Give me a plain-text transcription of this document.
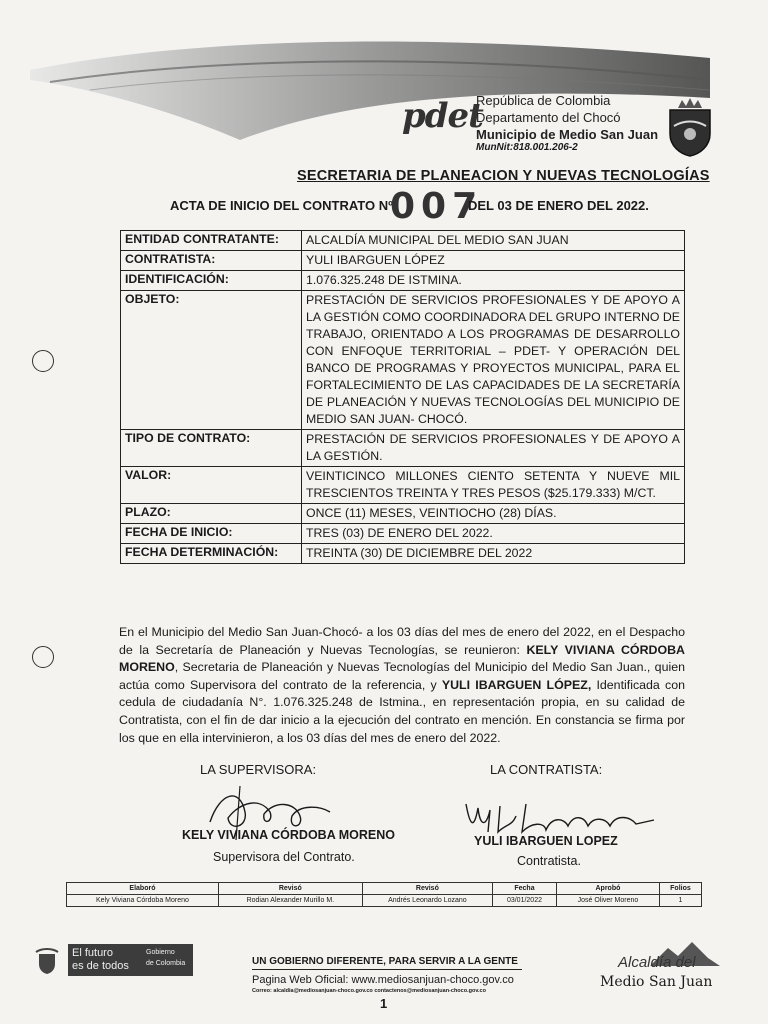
pdet
República de Colombia
Departamento del Chocó
Municipio de Medio San Juan
MunNit:818.001.206-2
SECRETARIA DE PLANEACION Y NUEVAS TECNOLOGÍAS
ACTA DE INICIO DEL CONTRATO Nº.
007
DEL 03 DE ENERO DEL 2022.
ENTIDAD CONTRATANTE:	ALCALDÍA MUNICIPAL DEL MEDIO SAN JUAN
CONTRATISTA:	YULI IBARGUEN LÓPEZ
IDENTIFICACIÓN:	1.076.325.248 DE ISTMINA.
OBJETO:	PRESTACIÓN DE SERVICIOS PROFESIONALES Y DE APOYO A LA GESTIÓN COMO COORDINADORA DEL GRUPO INTERNO DE TRABAJO, ORIENTADO A LOS PROGRAMAS DE DESARROLLO CON ENFOQUE TERRITORIAL – PDET- Y OPERACIÓN DEL BANCO DE PROGRAMAS Y PROYECTOS MUNICIPAL, PARA EL FORTALECIMIENTO DE LAS CAPACIDADES DE LA SECRETARÍA DE PLANEACIÓN Y NUEVAS TECNOLOGÍAS DEL MUNICIPIO DE MEDIO SAN JUAN- CHOCÓ.
TIPO DE CONTRATO:	PRESTACIÓN DE SERVICIOS PROFESIONALES Y DE APOYO A LA GESTIÓN.
VALOR:	VEINTICINCO MILLONES CIENTO SETENTA Y NUEVE MIL TRESCIENTOS TREINTA Y TRES PESOS ($25.179.333) M/CT.
PLAZO:	ONCE (11) MESES, VEINTIOCHO (28) DÍAS.
FECHA DE INICIO:	TRES (03) DE ENERO DEL 2022.
FECHA DETERMINACIÓN:	TREINTA (30) DE DICIEMBRE DEL 2022
En el Municipio del Medio San Juan-Chocó- a los 03 días del mes de enero del 2022, en el Despacho de la Secretaría de Planeación y Nuevas Tecnologías, se reunieron: KELY VIVIANA CÓRDOBA MORENO, Secretaria de Planeación y Nuevas Tecnologías del Municipio del Medio San Juan., quien actúa como Supervisora del contrato de la referencia, y YULI IBARGUEN LÓPEZ, Identificada con cedula de ciudadanía N°. 1.076.325.248 de Istmina., en representación propia, en su calidad de Contratista, con el fin de dar inicio a la ejecución del contrato en mención. En constancia se firma por los que en ella intervinieron, a los 03 días del mes de enero del 2022.
LA SUPERVISORA:	LA CONTRATISTA:
KELY VIVIANA CÓRDOBA MORENO
Supervisora del Contrato.
YULI IBARGUEN LOPEZ
Contratista.
Elaboró	Revisó	Revisó	Fecha	Aprobó	Folios
Kely Viviana Córdoba Moreno	Rodian Alexander Murillo M.	Andrés Leonardo Lozano	03/01/2022	José Oliver Moreno	1
El futuro
es de todos
Gobierno
de Colombia	UN GOBIERNO DIFERENTE, PARA SERVIR A LA GENTE
Pagina Web Oficial: www.mediosanjuan-choco.gov.co
Correo: alcaldia@mediosanjuan-choco.gov.co contactenos@mediosanjuan-choco.gov.co
1
Alcaldía del
Medio San Juan
